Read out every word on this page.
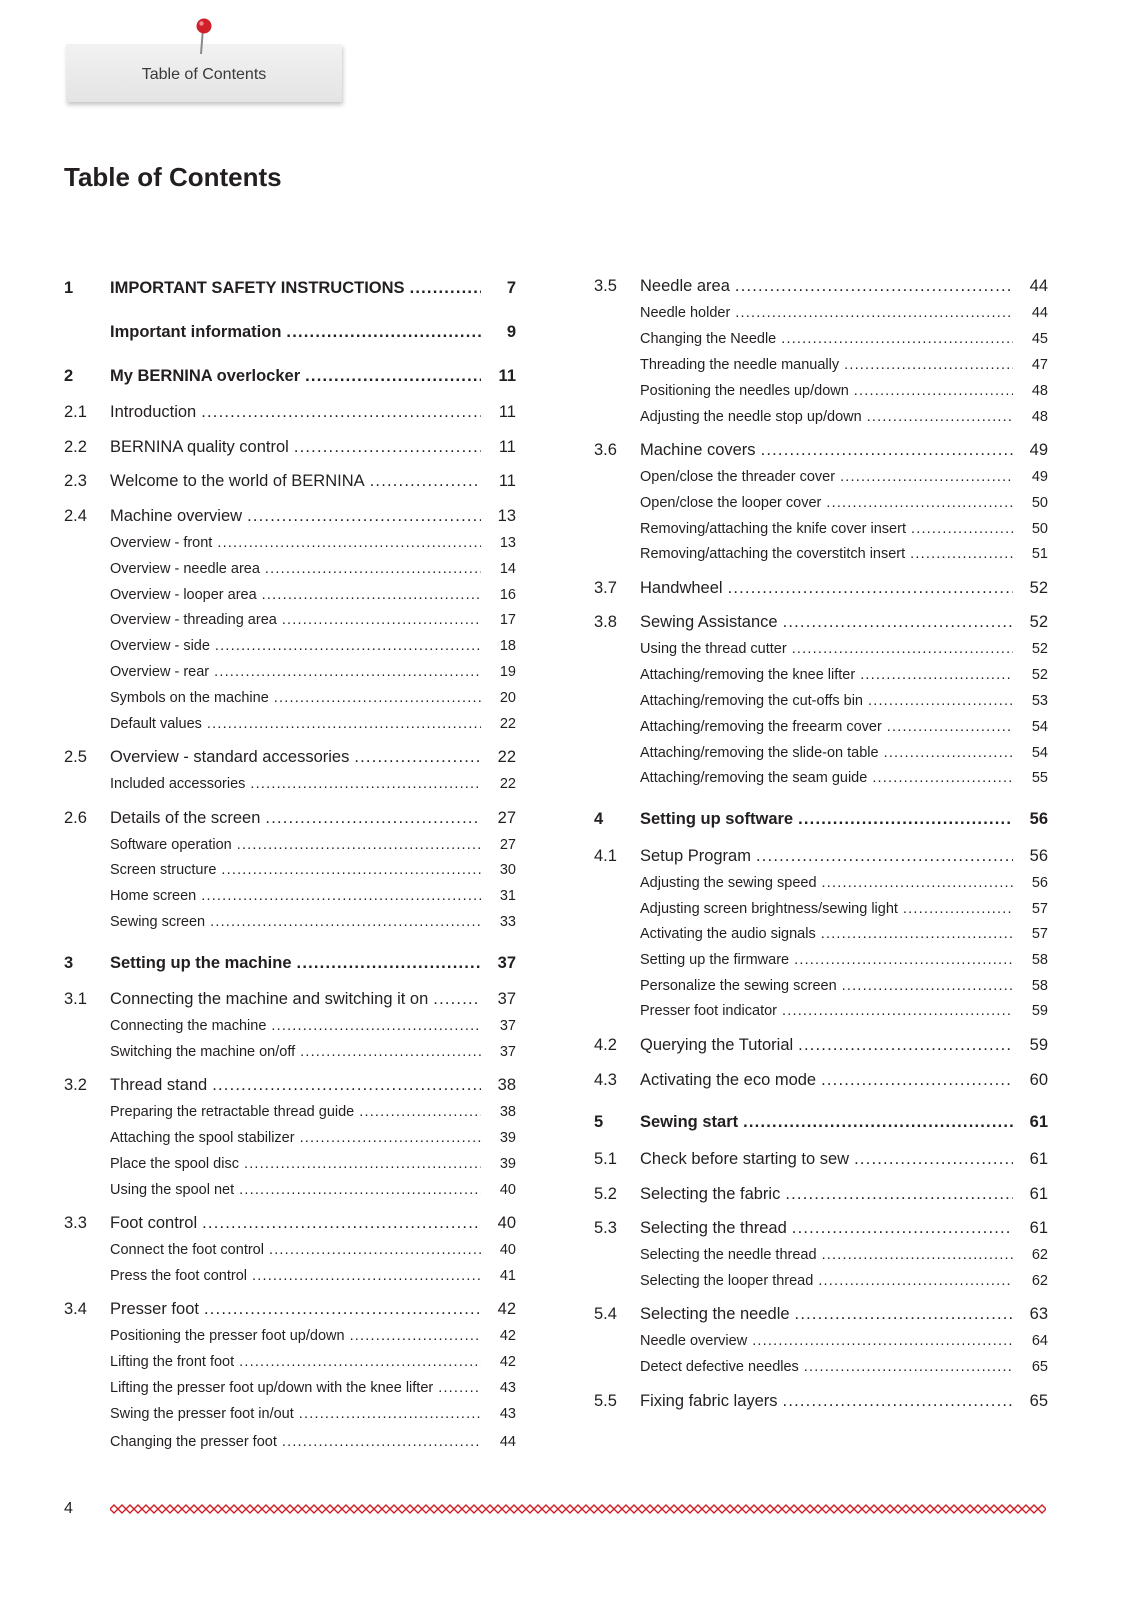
Table of Contents
Table of Contents
1	IMPORTANT SAFETY INSTRUCTIONS .....	7
Important information .....	9
2	My BERNINA overlocker .....	11
2.1	Introduction .....	11
2.2	BERNINA quality control .....	11
2.3	Welcome to the world of BERNINA .....	11
2.4	Machine overview .....	13
Overview - front .....	13
Overview - needle area .....	14
Overview - looper area .....	16
Overview - threading area .....	17
Overview - side .....	18
Overview - rear .....	19
Symbols on the machine .....	20
Default values .....	22
2.5	Overview - standard accessories .....	22
Included accessories .....	22
2.6	Details of the screen .....	27
Software operation .....	27
Screen structure .....	30
Home screen .....	31
Sewing screen .....	33
3	Setting up the machine .....	37
3.1	Connecting the machine and switching it on .....	37
Connecting the machine .....	37
Switching the machine on/off .....	37
3.2	Thread stand .....	38
Preparing the retractable thread guide .....	38
Attaching the spool stabilizer .....	39
Place the spool disc .....	39
Using the spool net .....	40
3.3	Foot control .....	40
Connect the foot control .....	40
Press the foot control .....	41
3.4	Presser foot .....	42
Positioning the presser foot up/down .....	42
Lifting the front foot .....	42
Lifting the presser foot up/down with the knee lifter .....	43
Swing the presser foot in/out .....	43
Changing the presser foot .....	44
3.5	Needle area .....	44
Needle holder .....	44
Changing the Needle .....	45
Threading the needle manually .....	47
Positioning the needles up/down .....	48
Adjusting the needle stop up/down .....	48
3.6	Machine covers .....	49
Open/close the threader cover .....	49
Open/close the looper cover .....	50
Removing/attaching the knife cover insert .....	50
Removing/attaching the coverstitch insert .....	51
3.7	Handwheel .....	52
3.8	Sewing Assistance .....	52
Using the thread cutter .....	52
Attaching/removing the knee lifter .....	52
Attaching/removing the cut-offs bin .....	53
Attaching/removing the freearm cover .....	54
Attaching/removing the slide-on table .....	54
Attaching/removing the seam guide .....	55
4	Setting up software .....	56
4.1	Setup Program .....	56
Adjusting the sewing speed .....	56
Adjusting screen brightness/sewing light .....	57
Activating the audio signals .....	57
Setting up the firmware .....	58
Personalize the sewing screen .....	58
Presser foot indicator .....	59
4.2	Querying the Tutorial .....	59
4.3	Activating the eco mode .....	60
5	Sewing start .....	61
5.1	Check before starting to sew .....	61
5.2	Selecting the fabric .....	61
5.3	Selecting the thread .....	61
Selecting the needle thread .....	62
Selecting the looper thread .....	62
5.4	Selecting the needle .....	63
Needle overview .....	64
Detect defective needles .....	65
5.5	Fixing fabric layers .....	65
4
